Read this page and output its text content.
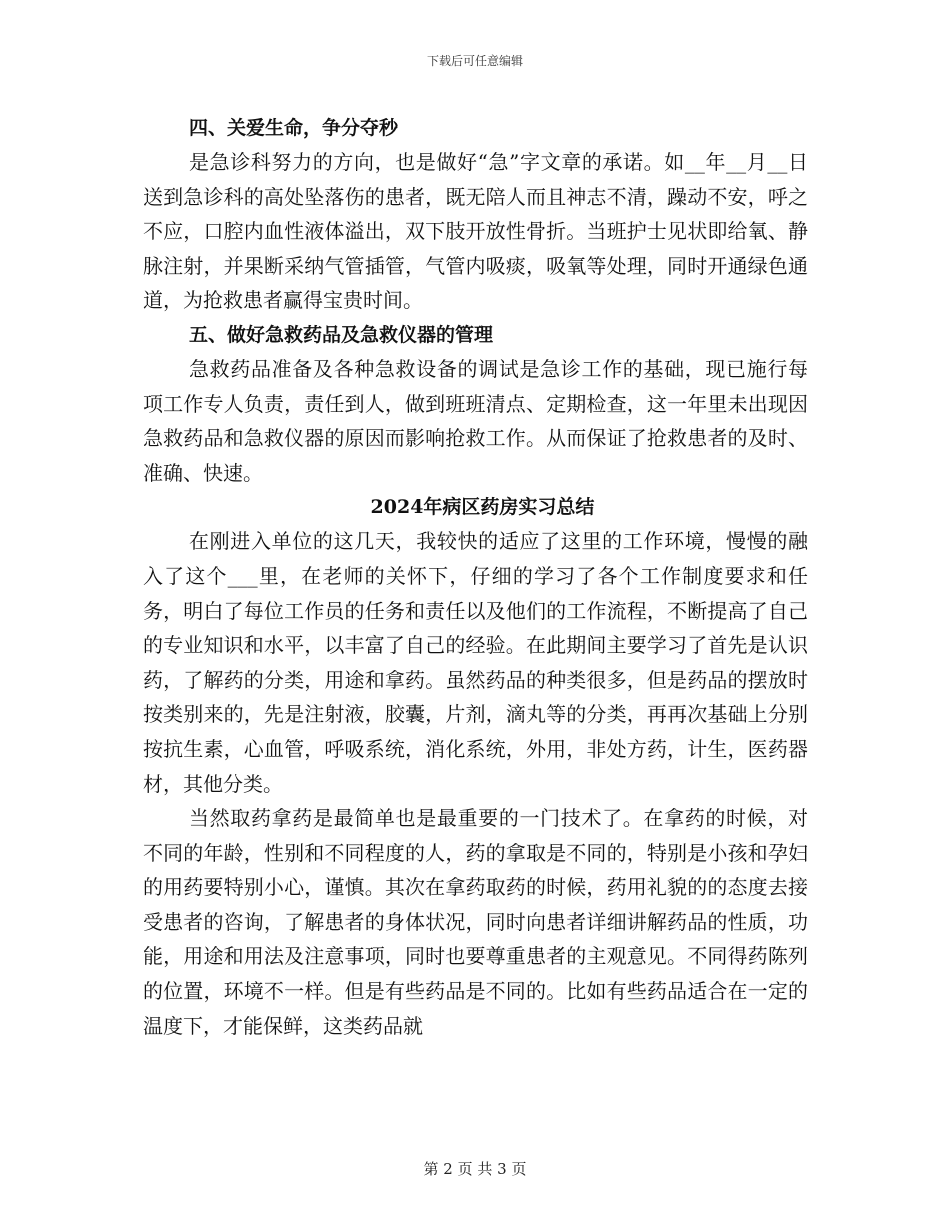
下载后可任意编辑

四、关爱生命，争分夺秒

是急诊科努力的方向，也是做好“急”字文章的承诺。如__年__月__日送到急诊科的高处坠落伤的患者，既无陪人而且神志不清，躁动不安，呼之不应，口腔内血性液体溢出，双下肢开放性骨折。当班护士见状即给氧、静脉注射，并果断采纳气管插管，气管内吸痰，吸氧等处理，同时开通绿色通道，为抢救患者赢得宝贵时间。

五、做好急救药品及急救仪器的管理

急救药品准备及各种急救设备的调试是急诊工作的基础，现已施行每项工作专人负责，责任到人，做到班班清点、定期检查，这一年里未出现因急救药品和急救仪器的原因而影响抢救工作。从而保证了抢救患者的及时、准确、快速。

2024年病区药房实习总结

在刚进入单位的这几天，我较快的适应了这里的工作环境，慢慢的融入了这个___里，在老师的关怀下，仔细的学习了各个工作制度要求和任务，明白了每位工作员的任务和责任以及他们的工作流程，不断提高了自己的专业知识和水平，以丰富了自己的经验。在此期间主要学习了首先是认识药，了解药的分类，用途和拿药。虽然药品的种类很多，但是药品的摆放时按类别来的，先是注射液，胶囊，片剂，滴丸等的分类，再再次基础上分别按抗生素，心血管，呼吸系统，消化系统，外用，非处方药，计生，医药器材，其他分类。

当然取药拿药是最简单也是最重要的一门技术了。在拿药的时候，对不同的年龄，性别和不同程度的人，药的拿取是不同的，特别是小孩和孕妇的用药要特别小心，谨慎。其次在拿药取药的时候，药用礼貌的的态度去接受患者的咨询，了解患者的身体状况，同时向患者详细讲解药品的性质，功能，用途和用法及注意事项，同时也要尊重患者的主观意见。不同得药陈列的位置，环境不一样。但是有些药品是不同的。比如有些药品适合在一定的温度下，才能保鲜，这类药品就

第 2 页 共 3 页
